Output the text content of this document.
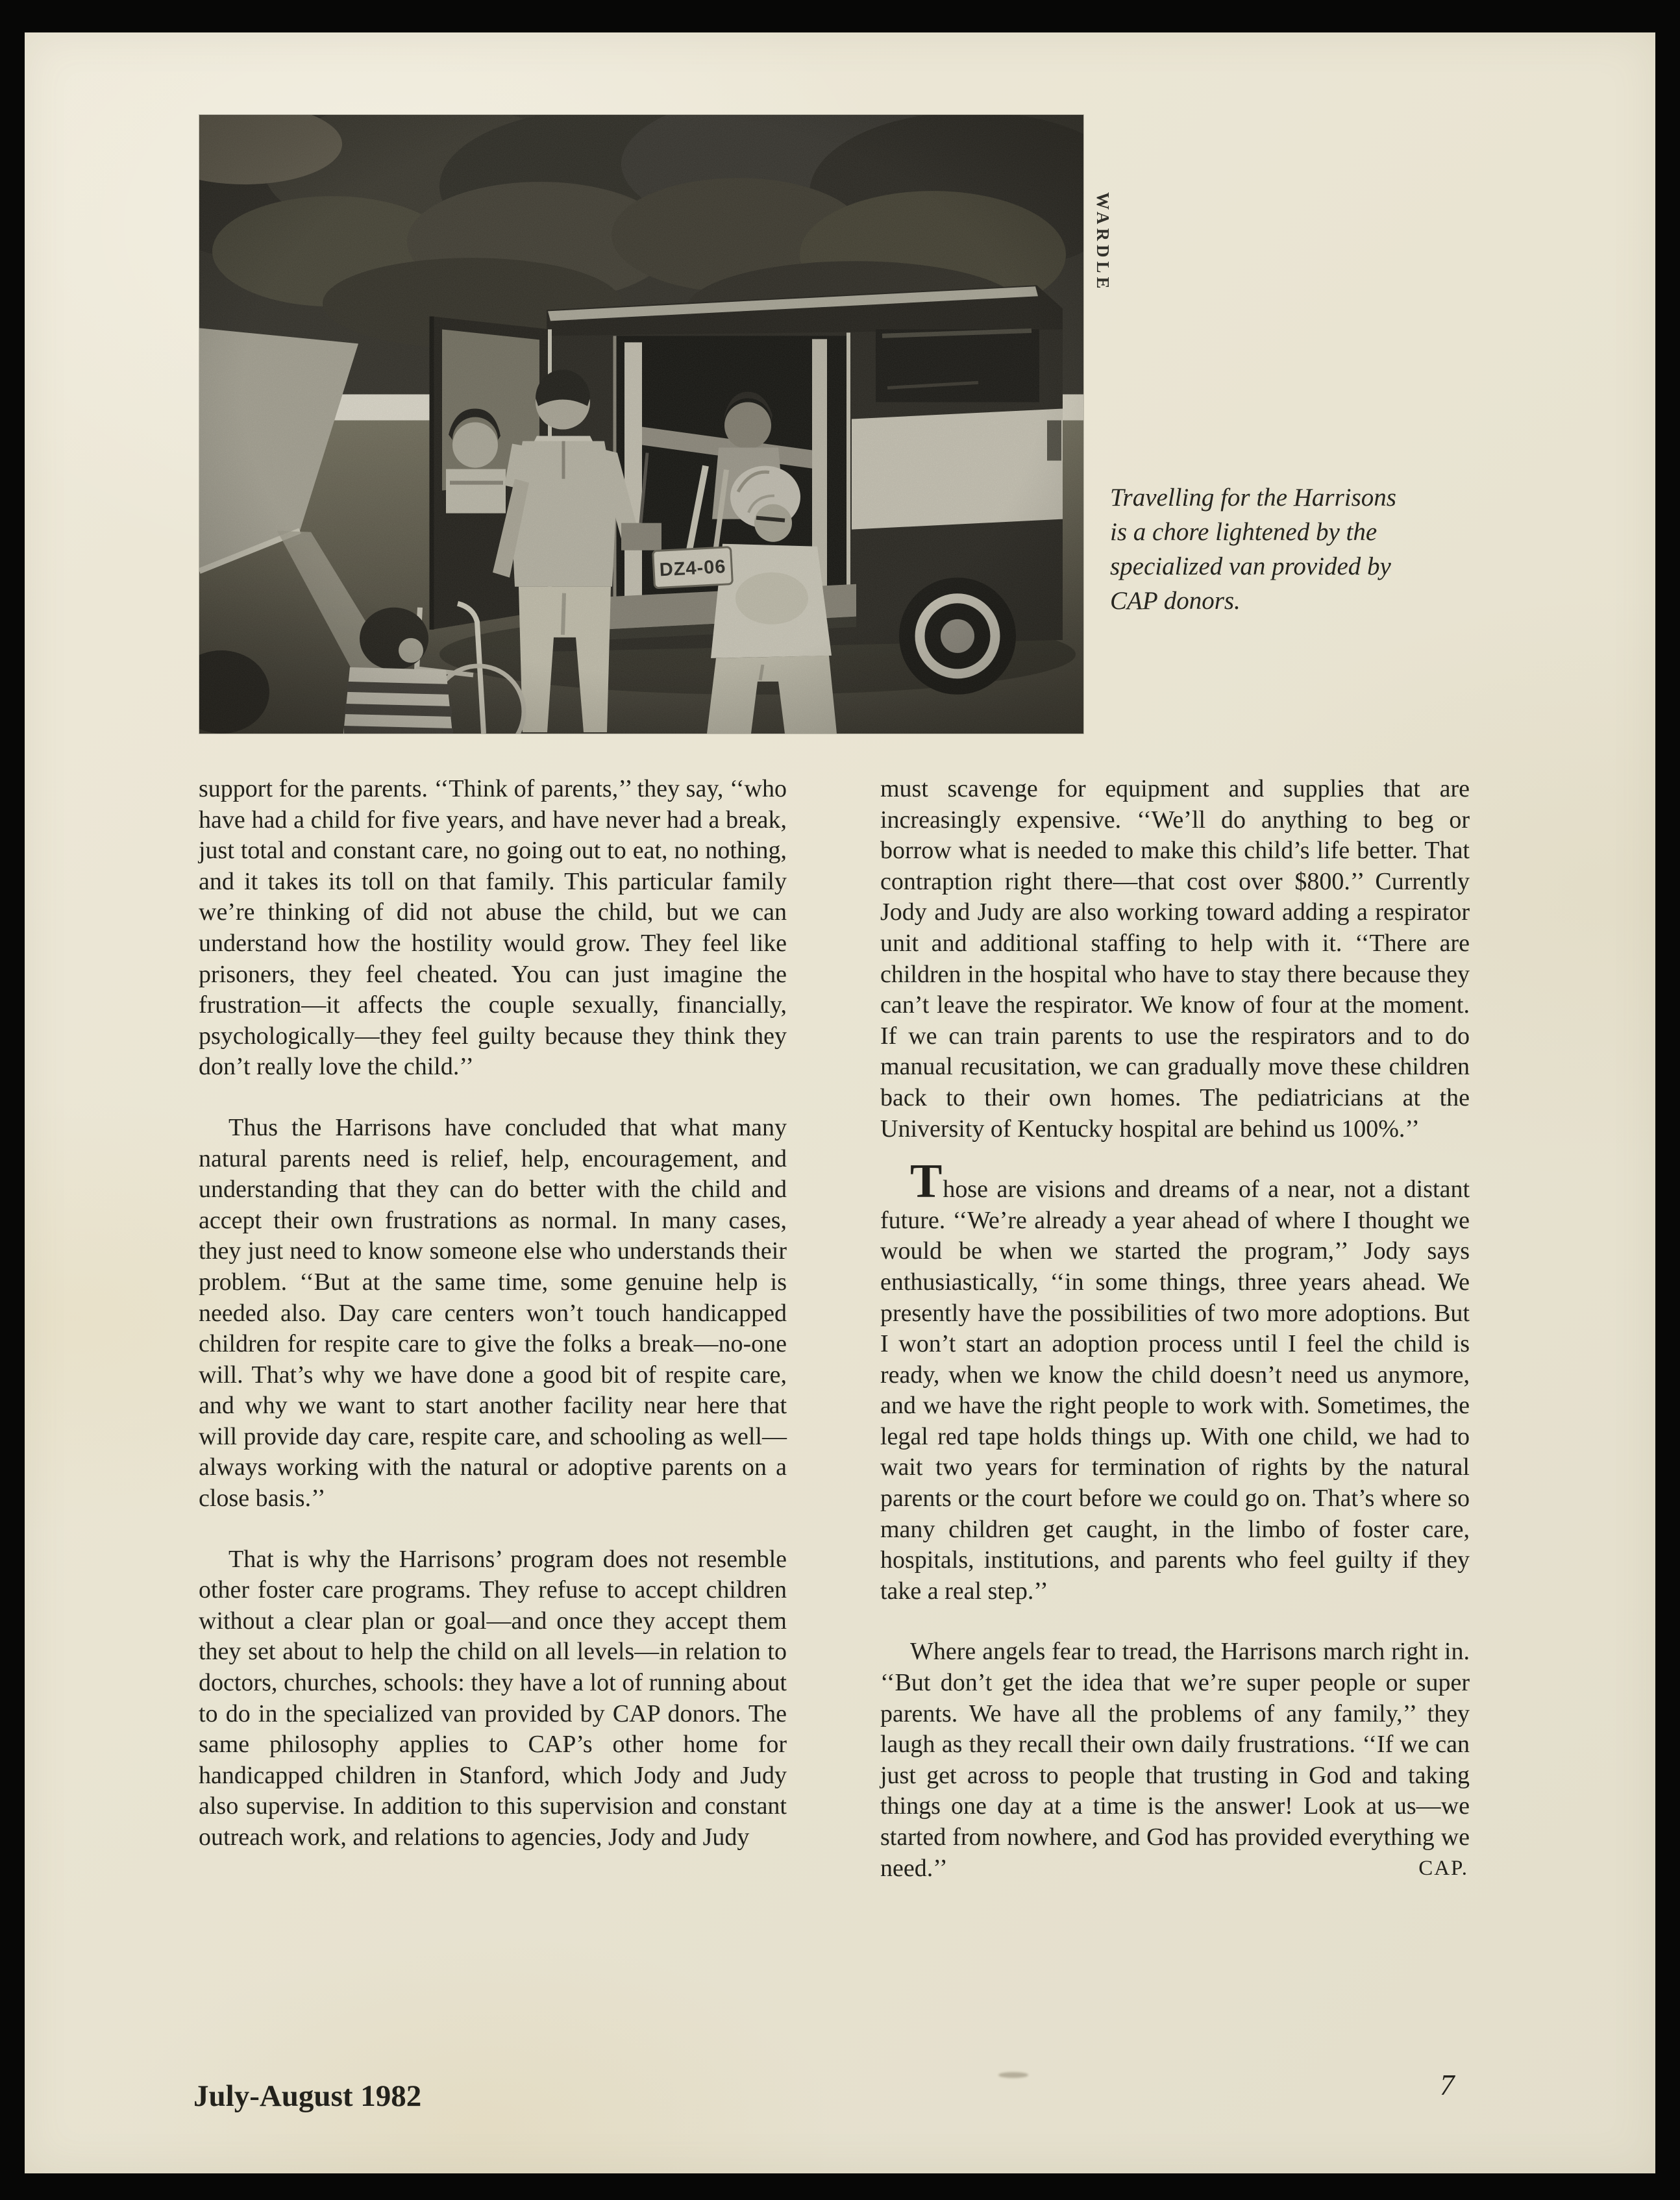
WARDLE
Travelling for the Harrisons
is a chore lightened by the
specialized van provided by
CAP donors.

support for the parents. ‘‘Think of parents,’’ they say, ‘‘who have had a child for five years, and have never had a break, just total and constant care, no going out to eat, no nothing, and it takes its toll on that family. This particular family we’re thinking of did not abuse the child, but we can understand how the hostility would grow. They feel like prisoners, they feel cheated. You can just imagine the frustration—it affects the couple sexually, financially, psychologically—they feel guilty because they think they don’t really love the child.’’

Thus the Harrisons have concluded that what many natural parents need is relief, help, encouragement, and understanding that they can do better with the child and accept their own frustrations as normal. In many cases, they just need to know someone else who understands their problem. ‘‘But at the same time, some genuine help is needed also. Day care centers won’t touch handicapped children for respite care to give the folks a break—no-one will. That’s why we have done a good bit of respite care, and why we want to start another facility near here that will provide day care, respite care, and schooling as well—always working with the natural or adoptive parents on a close basis.’’

That is why the Harrisons’ program does not resemble other foster care programs. They refuse to accept children without a clear plan or goal—and once they accept them they set about to help the child on all levels—in relation to doctors, churches, schools: they have a lot of running about to do in the specialized van provided by CAP donors. The same philosophy applies to CAP’s other home for handicapped children in Stanford, which Jody and Judy also supervise. In addition to this supervision and constant outreach work, and relations to agencies, Jody and Judy

must scavenge for equipment and supplies that are increasingly expensive. ‘‘We’ll do anything to beg or borrow what is needed to make this child’s life better. That contraption right there—that cost over $800.’’ Currently Jody and Judy are also working toward adding a respirator unit and additional staffing to help with it. ‘‘There are children in the hospital who have to stay there because they can’t leave the respirator. We know of four at the moment. If we can train parents to use the respirators and to do manual recusitation, we can gradually move these children back to their own homes. The pediatricians at the University of Kentucky hospital are behind us 100%.’’

Those are visions and dreams of a near, not a distant future. ‘‘We’re already a year ahead of where I thought we would be when we started the program,’’ Jody says enthusiastically, ‘‘in some things, three years ahead. We presently have the possibilities of two more adoptions. But I won’t start an adoption process until I feel the child is ready, when we know the child doesn’t need us anymore, and we have the right people to work with. Sometimes, the legal red tape holds things up. With one child, we had to wait two years for termination of rights by the natural parents or the court before we could go on. That’s where so many children get caught, in the limbo of foster care, hospitals, institutions, and parents who feel guilty if they take a real step.’’

Where angels fear to tread, the Harrisons march right in. ‘‘But don’t get the idea that we’re super people or super parents. We have all the problems of any family,’’ they laugh as they recall their own daily frustrations. ‘‘If we can just get across to people that trusting in God and taking things one day at a time is the answer! Look at us—we started from nowhere, and God has provided everything we need.’’	CAP.

July-August 1982	7
